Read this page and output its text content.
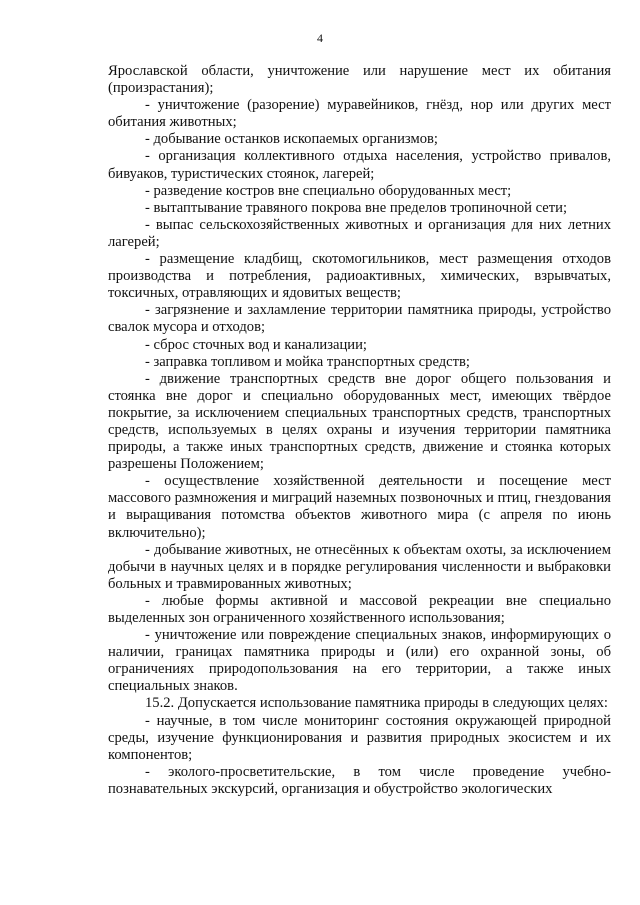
4

Ярославской области, уничтожение или нарушение мест их обитания (произрастания);

- уничтожение (разорение) муравейников, гнёзд, нор или других мест обитания животных;

- добывание останков ископаемых организмов;

- организация коллективного отдыха населения, устройство привалов, бивуаков, туристических стоянок, лагерей;

- разведение костров вне специально оборудованных мест;

- вытаптывание травяного покрова вне пределов тропиночной сети;

- выпас сельскохозяйственных животных и организация для них летних лагерей;

- размещение кладбищ, скотомогильников, мест размещения отходов производства и потребления, радиоактивных, химических, взрывчатых, токсичных, отравляющих и ядовитых веществ;

- загрязнение и захламление территории памятника природы, устройство свалок мусора и отходов;

- сброс сточных вод и канализации;

- заправка топливом и мойка транспортных средств;

- движение транспортных средств вне дорог общего пользования и стоянка вне дорог и специально оборудованных мест, имеющих твёрдое покрытие, за исключением специальных транспортных средств, транспортных средств, используемых в целях охраны и изучения территории памятника природы, а также иных транспортных средств, движение и стоянка которых разрешены Положением;

- осуществление хозяйственной деятельности и посещение мест массового размножения и миграций наземных позвоночных и птиц, гнездования и выращивания потомства объектов животного мира (с апреля по июнь включительно);

- добывание животных, не отнесённых к объектам охоты, за исключением добычи в научных целях и в порядке регулирования численности и выбраковки больных и травмированных животных;

- любые формы активной и массовой рекреации вне специально выделенных зон ограниченного хозяйственного использования;

- уничтожение или повреждение специальных знаков, информирующих о наличии, границах памятника природы и (или) его охранной зоны, об ограничениях природопользования на его территории, а также иных специальных знаков.

15.2. Допускается использование памятника природы в следующих целях:

- научные, в том числе мониторинг состояния окружающей природной среды, изучение функционирования и развития природных экосистем и их компонентов;

- эколого-просветительские, в том числе проведение учебно-познавательных экскурсий, организация и обустройство экологических
